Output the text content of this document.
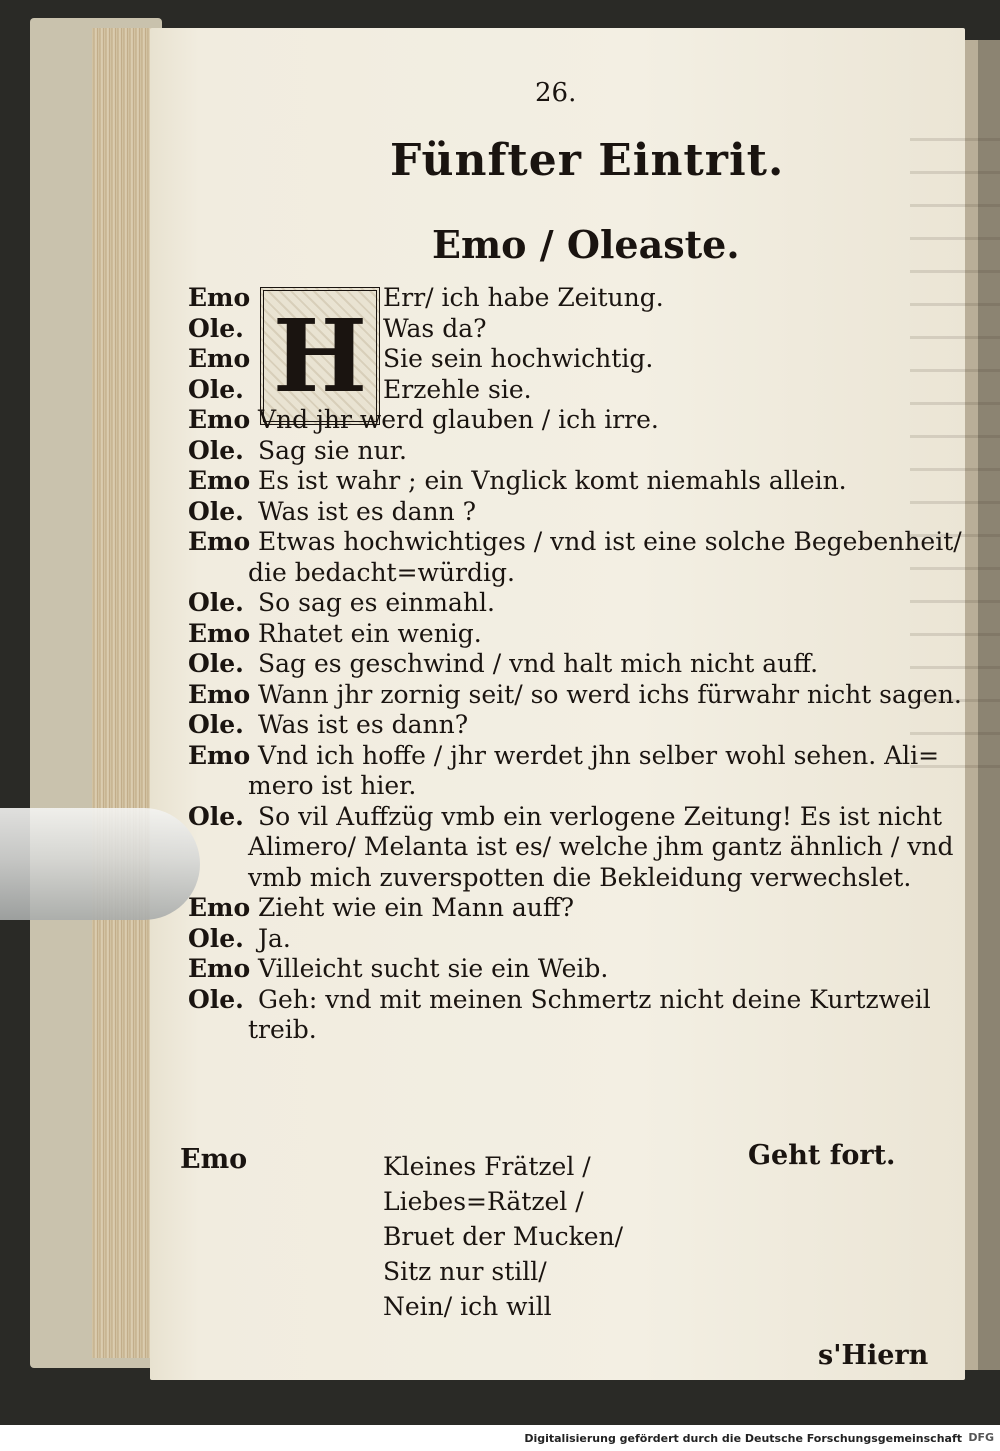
26.
Fünfter Eintrit.
Emo / Oleaste.
H
Emo	Err/ ich habe Zeitung.
Ole.	Was da?
Emo	Sie sein hochwichtig.
Ole.	Erzehle sie.
Emo Vnd jhr werd glauben / ich irre.
Ole. Sag sie nur.
Emo Es ist wahr ; ein Vnglick komt niemahls allein.
Ole. Was ist es dann ?
Emo Etwas hochwichtiges / vnd ist eine solche Begebenheit/
die bedacht=würdig.
Ole. So sag es einmahl.
Emo Rhatet ein wenig.
Ole. Sag es geschwind / vnd halt mich nicht auff.
Emo Wann jhr zornig seit/ so werd ichs fürwahr nicht sagen.
Ole. Was ist es dann?
Emo Vnd ich hoffe / jhr werdet jhn selber wohl sehen. Ali=
mero ist hier.
Ole. So vil Auffzüg vmb ein verlogene Zeitung! Es ist nicht
Alimero/ Melanta ist es/ welche jhm gantz ähnlich / vnd
vmb mich zuverspotten die Bekleidung verwechslet.
Emo Zieht wie ein Mann auff?
Ole. Ja.
Emo Villeicht sucht sie ein Weib.
Ole. Geh: vnd mit meinen Schmertz nicht deine Kurtzweil
treib.
Geht fort.
Emo	Kleines Frätzel /
Liebes=Rätzel /
Bruet der Mucken/
Sitz nur still/
Nein/ ich will
s'Hiern
Digitalisierung gefördert durch die Deutsche Forschungsgemeinschaft DFG
